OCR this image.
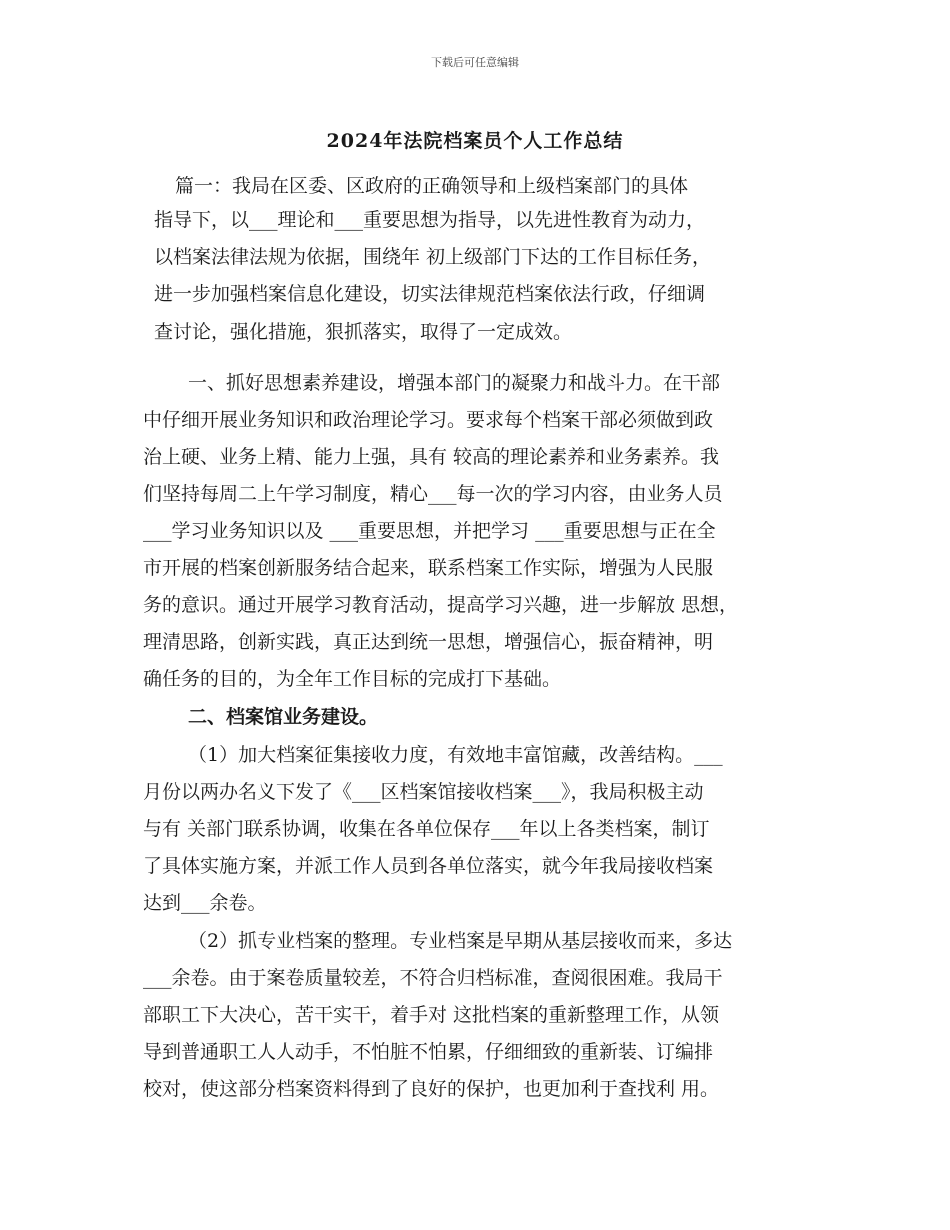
下载后可任意编辑
2024年法院档案员个人工作总结
篇一：我局在区委、区政府的正确领导和上级档案部门的具体
指导下，以___理论和___重要思想为指导，以先进性教育为动力，
以档案法律法规为依据，围绕年 初上级部门下达的工作目标任务，
进一步加强档案信息化建设，切实法律规范档案依法行政，仔细调
查讨论，强化措施，狠抓落实，取得了一定成效。
一、抓好思想素养建设，增强本部门的凝聚力和战斗力。在干部
中仔细开展业务知识和政治理论学习。要求每个档案干部必须做到政
治上硬、业务上精、能力上强，具有 较高的理论素养和业务素养。我
们坚持每周二上午学习制度，精心___每一次的学习内容，由业务人员
___学习业务知识以及 ___重要思想，并把学习 ___重要思想与正在全
市开展的档案创新服务结合起来，联系档案工作实际，增强为人民服
务的意识。通过开展学习教育活动，提高学习兴趣，进一步解放 思想，
理清思路，创新实践，真正达到统一思想，增强信心，振奋精神，明
确任务的目的，为全年工作目标的完成打下基础。
二、档案馆业务建设。
（1）加大档案征集接收力度，有效地丰富馆藏，改善结构。___
月份以两办名义下发了《___区档案馆接收档案___》，我局积极主动
与有 关部门联系协调，收集在各单位保存___年以上各类档案，制订
了具体实施方案，并派工作人员到各单位落实，就今年我局接收档案
达到___余卷。
（2）抓专业档案的整理。专业档案是早期从基层接收而来，多达
___余卷。由于案卷质量较差，不符合归档标准，查阅很困难。我局干
部职工下大决心，苦干实干，着手对 这批档案的重新整理工作，从领
导到普通职工人人动手，不怕脏不怕累，仔细细致的重新装、订编排
校对，使这部分档案资料得到了良好的保护，也更加利于查找利 用。
